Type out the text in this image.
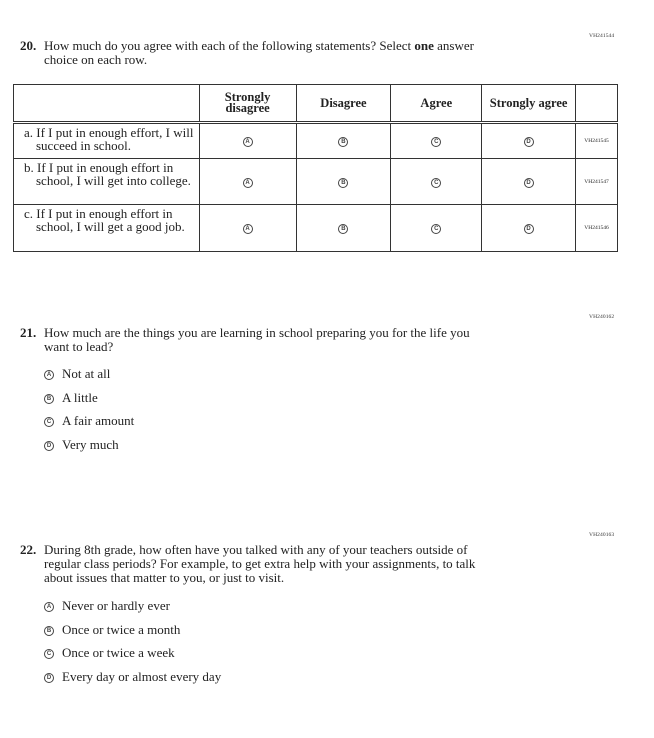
VH241544
20. How much do you agree with each of the following statements? Select one answer
choice on each row.
	Strongly disagree	Disagree	Agree	Strongly agree	

a. If I put in enough effort, I will succeed in school.	A	B	C	D	VH241545

b. If I put in enough effort in school, I will get into college.	A	B	C	D	VH241547

c. If I put in enough effort in school, I will get a good job.	A	B	C	D	VH241546
VH240162
21. How much are the things you are learning in school preparing you for the life you
want to lead?
A Not at all
B A little
C A fair amount
D Very much
VH240163
22. During 8th grade, how often have you talked with any of your teachers outside of
regular class periods? For example, to get extra help with your assignments, to talk
about issues that matter to you, or just to visit.
A Never or hardly ever
B Once or twice a month
C Once or twice a week
D Every day or almost every day
